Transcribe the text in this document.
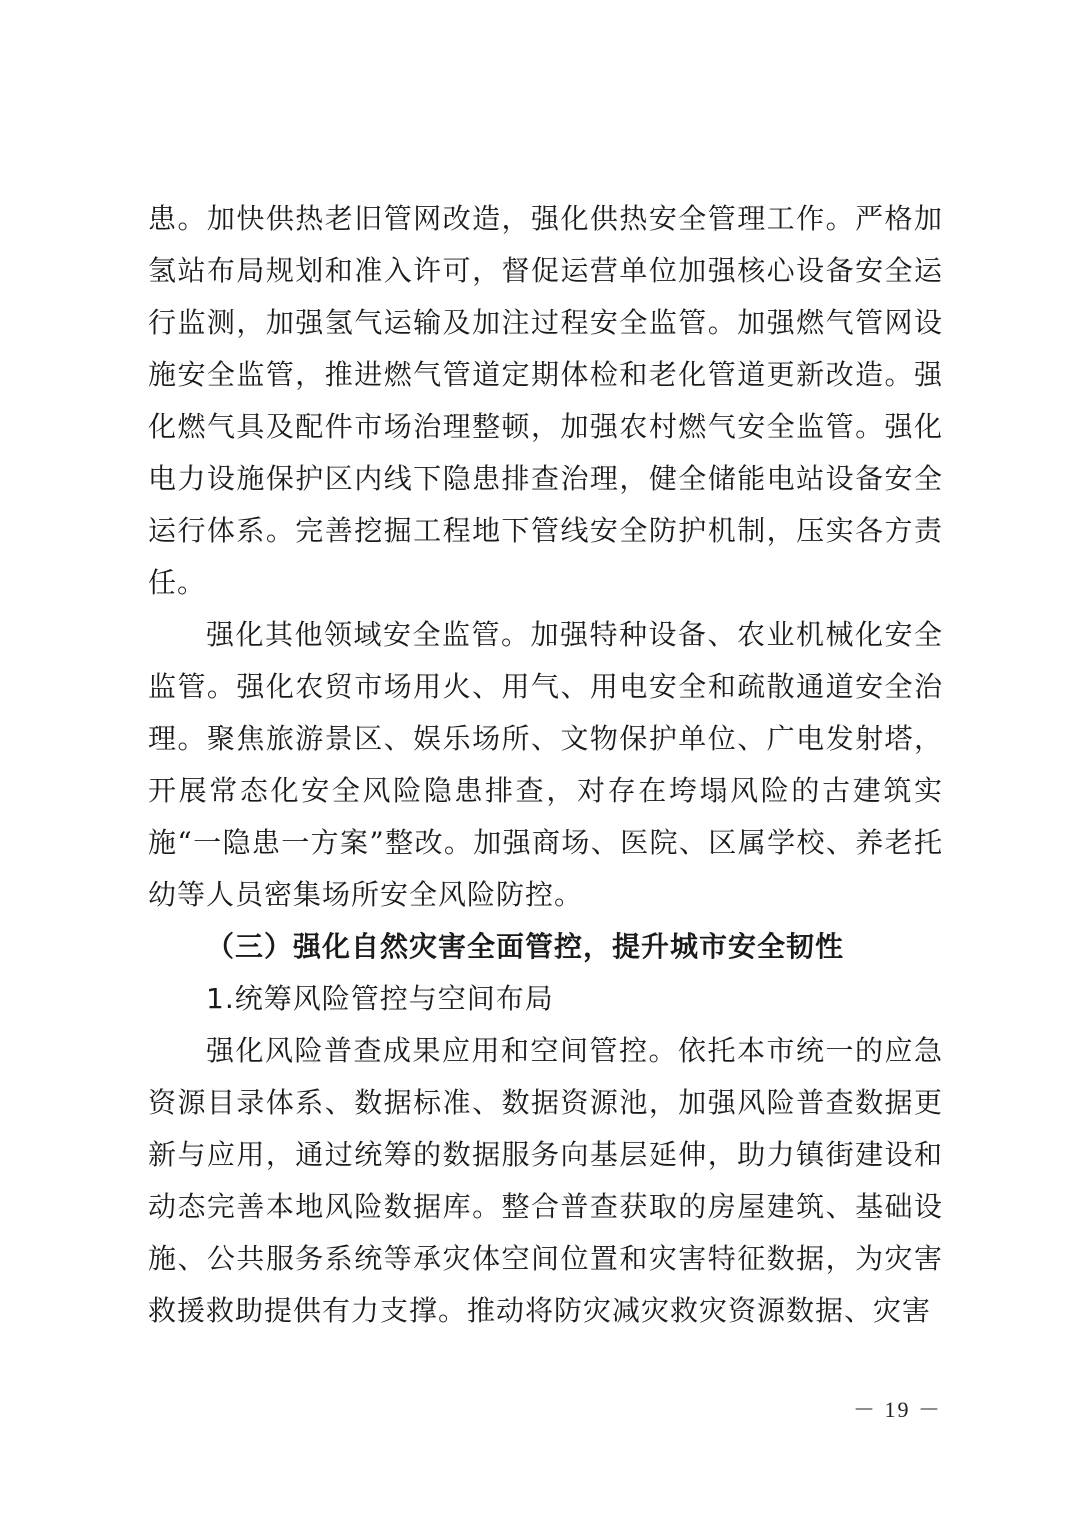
患。加快供热老旧管网改造，强化供热安全管理工作。严格加氢站布局规划和准入许可，督促运营单位加强核心设备安全运行监测，加强氢气运输及加注过程安全监管。加强燃气管网设施安全监管，推进燃气管道定期体检和老化管道更新改造。强化燃气具及配件市场治理整顿，加强农村燃气安全监管。强化电力设施保护区内线下隐患排查治理，健全储能电站设备安全运行体系。完善挖掘工程地下管线安全防护机制，压实各方责任。

强化其他领域安全监管。加强特种设备、农业机械化安全监管。强化农贸市场用火、用气、用电安全和疏散通道安全治理。聚焦旅游景区、娱乐场所、文物保护单位、广电发射塔，开展常态化安全风险隐患排查，对存在垮塌风险的古建筑实施“一隐患一方案”整改。加强商场、医院、区属学校、养老托幼等人员密集场所安全风险防控。

（三）强化自然灾害全面管控，提升城市安全韧性

1.统筹风险管控与空间布局

强化风险普查成果应用和空间管控。依托本市统一的应急资源目录体系、数据标准、数据资源池，加强风险普查数据更新与应用，通过统筹的数据服务向基层延伸，助力镇街建设和动态完善本地风险数据库。整合普查获取的房屋建筑、基础设施、公共服务系统等承灾体空间位置和灾害特征数据，为灾害救援救助提供有力支撑。推动将防灾减灾救灾资源数据、灾害

－ 19 －
